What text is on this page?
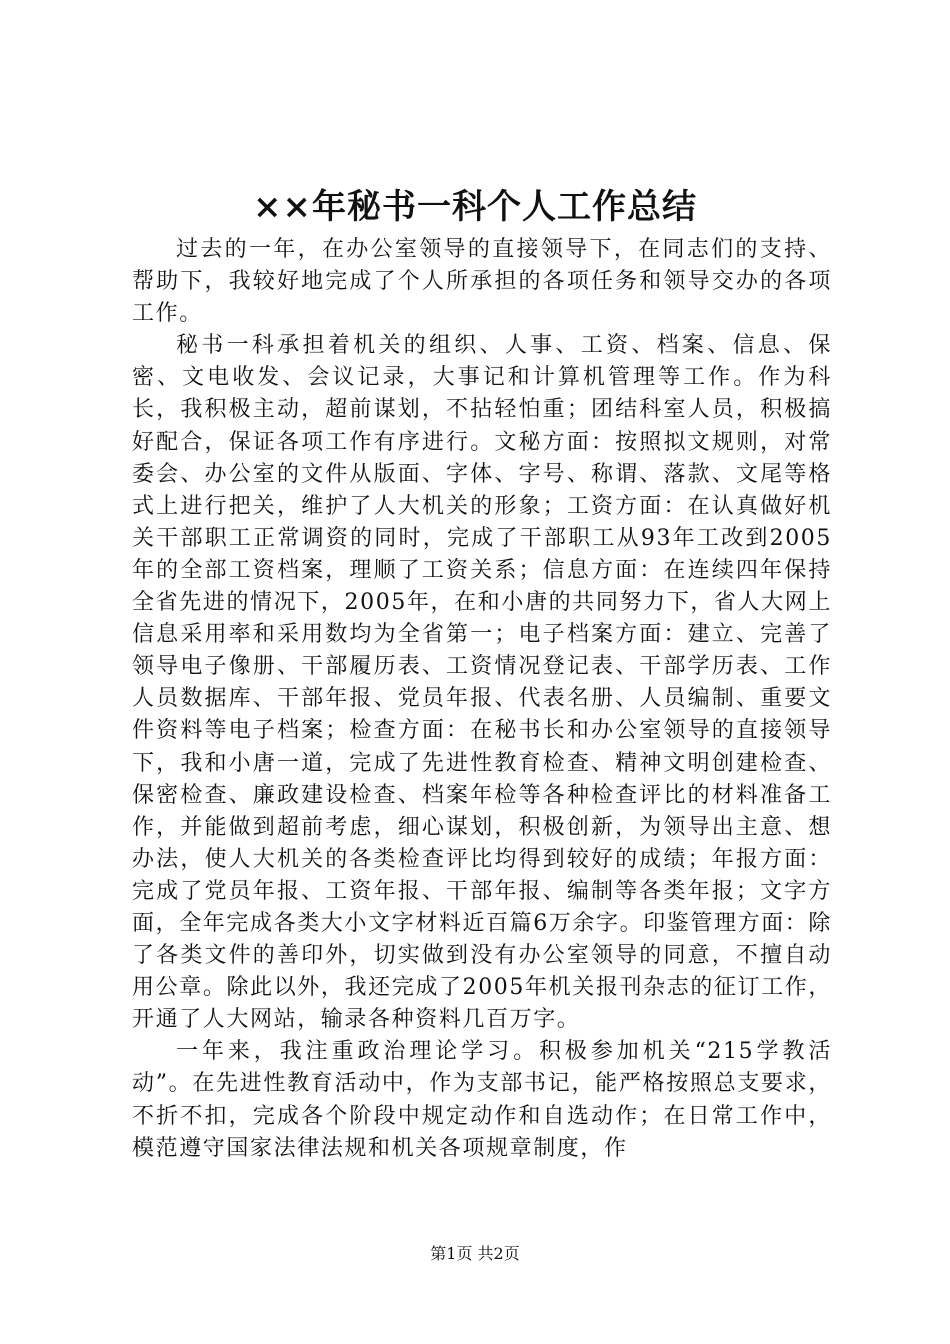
××年秘书一科个人工作总结

过去的一年，在办公室领导的直接领导下，在同志们的支持、帮助下，我较好地完成了个人所承担的各项任务和领导交办的各项工作。

秘书一科承担着机关的组织、人事、工资、档案、信息、保密、文电收发、会议记录，大事记和计算机管理等工作。作为科长，我积极主动，超前谋划，不拈轻怕重；团结科室人员，积极搞好配合，保证各项工作有序进行。文秘方面：按照拟文规则，对常委会、办公室的文件从版面、字体、字号、称谓、落款、文尾等格式上进行把关，维护了人大机关的形象；工资方面：在认真做好机关干部职工正常调资的同时，完成了干部职工从93年工改到2005年的全部工资档案，理顺了工资关系；信息方面：在连续四年保持全省先进的情况下，2005年，在和小唐的共同努力下，省人大网上信息采用率和采用数均为全省第一；电子档案方面：建立、完善了领导电子像册、干部履历表、工资情况登记表、干部学历表、工作人员数据库、干部年报、党员年报、代表名册、人员编制、重要文件资料等电子档案；检查方面：在秘书长和办公室领导的直接领导下，我和小唐一道，完成了先进性教育检查、精神文明创建检查、保密检查、廉政建设检查、档案年检等各种检查评比的材料准备工作，并能做到超前考虑，细心谋划，积极创新，为领导出主意、想办法，使人大机关的各类检查评比均得到较好的成绩；年报方面：完成了党员年报、工资年报、干部年报、编制等各类年报；文字方面，全年完成各类大小文字材料近百篇6万余字。印鉴管理方面：除了各类文件的善印外，切实做到没有办公室领导的同意，不擅自动用公章。除此以外，我还完成了2005年机关报刊杂志的征订工作，开通了人大网站，输录各种资料几百万字。

一年来，我注重政治理论学习。积极参加机关“215学教活动”。在先进性教育活动中，作为支部书记，能严格按照总支要求，不折不扣，完成各个阶段中规定动作和自选动作；在日常工作中，模范遵守国家法律法规和机关各项规章制度，作

第1页 共2页
